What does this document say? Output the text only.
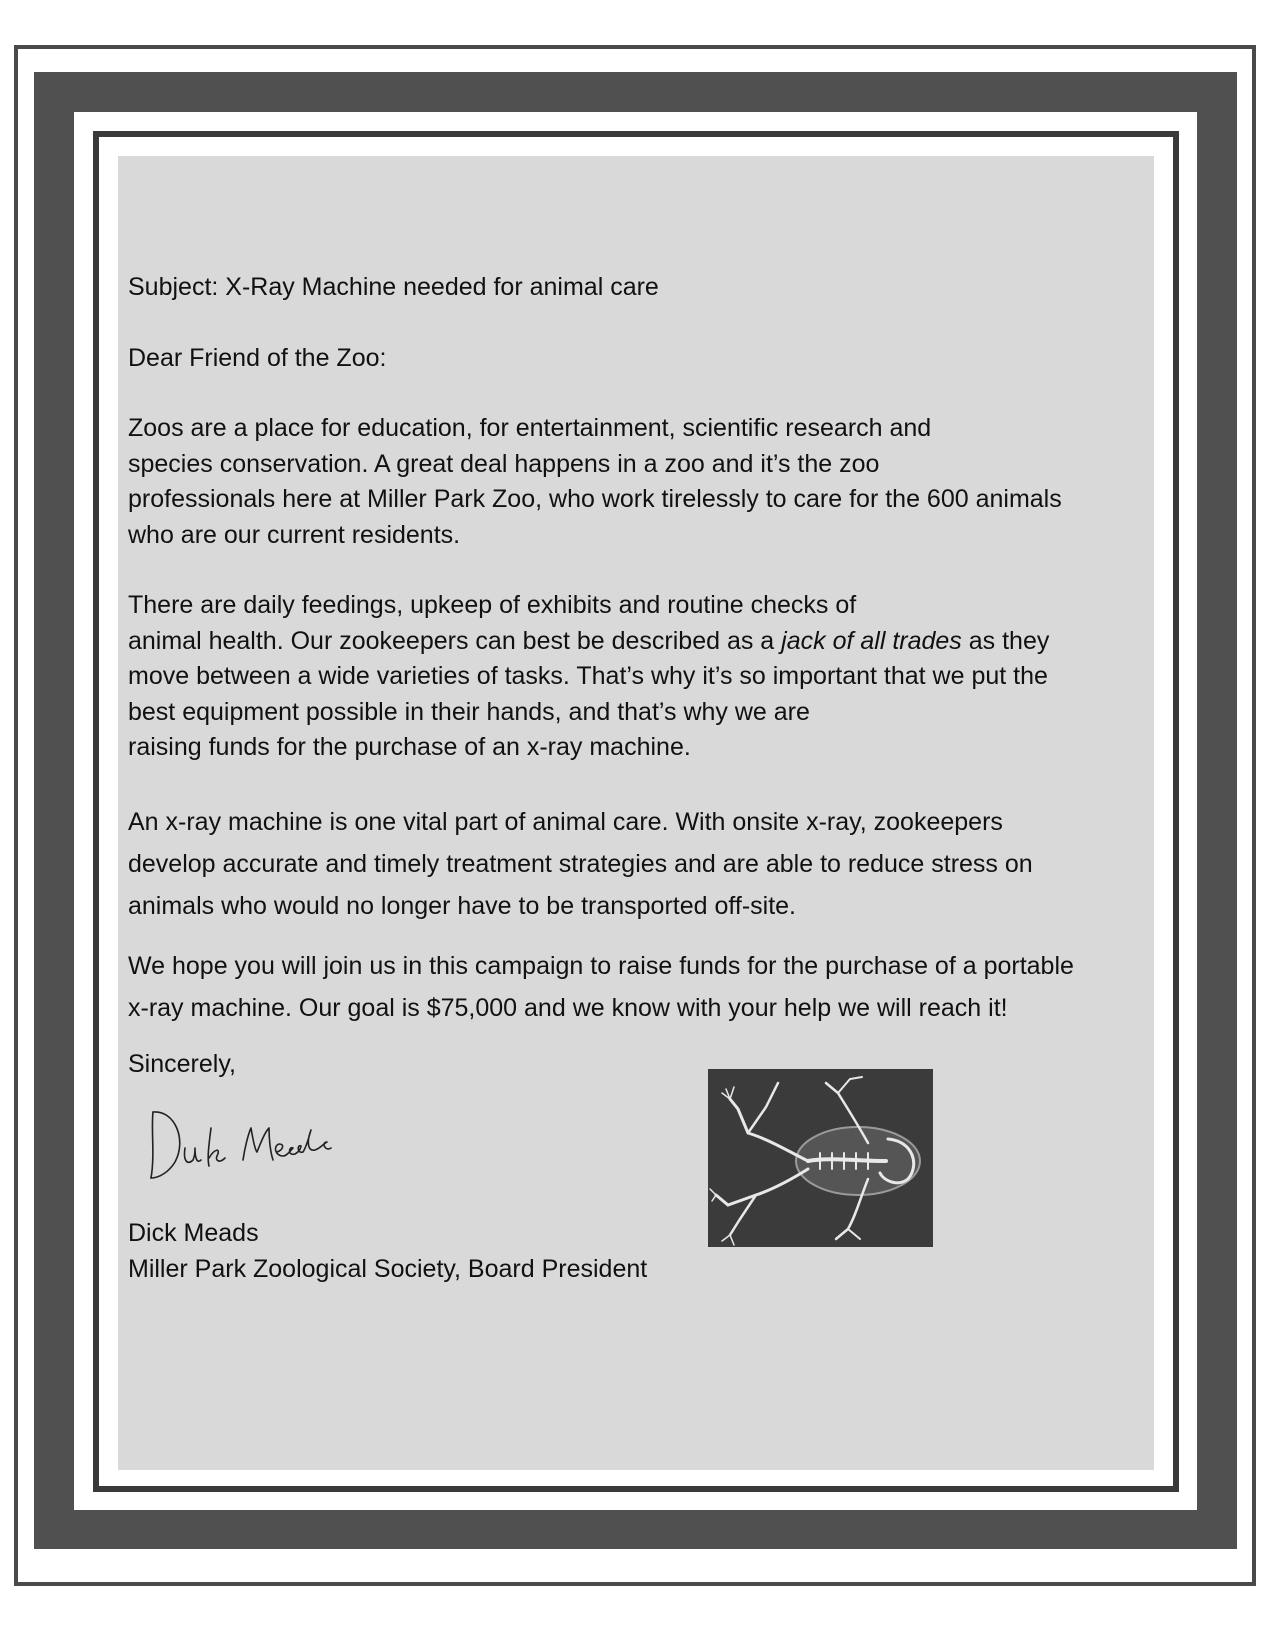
Subject: X-Ray Machine needed for animal care
Dear Friend of the Zoo:
Zoos are a place for education, for entertainment, scientific research and
species conservation. A great deal happens in a zoo and it’s the zoo
professionals here at Miller Park Zoo, who work tirelessly to care for the 600 animals
who are our current residents.
There are daily feedings, upkeep of exhibits and routine checks of
animal health. Our zookeepers can best be described as a jack of all trades as they
move between a wide varieties of tasks. That’s why it’s so important that we put the
best equipment possible in their hands, and that’s why we are
raising funds for the purchase of an x-ray machine.
An x-ray machine is one vital part of animal care. With onsite x-ray, zookeepers
develop accurate and timely treatment strategies and are able to reduce stress on
animals who would no longer have to be transported off-site.
We hope you will join us in this campaign to raise funds for the purchase of a portable
x-ray machine. Our goal is $75,000 and we know with your help we will reach it!
Sincerely,
Dick Meads
Miller Park Zoological Society, Board President
